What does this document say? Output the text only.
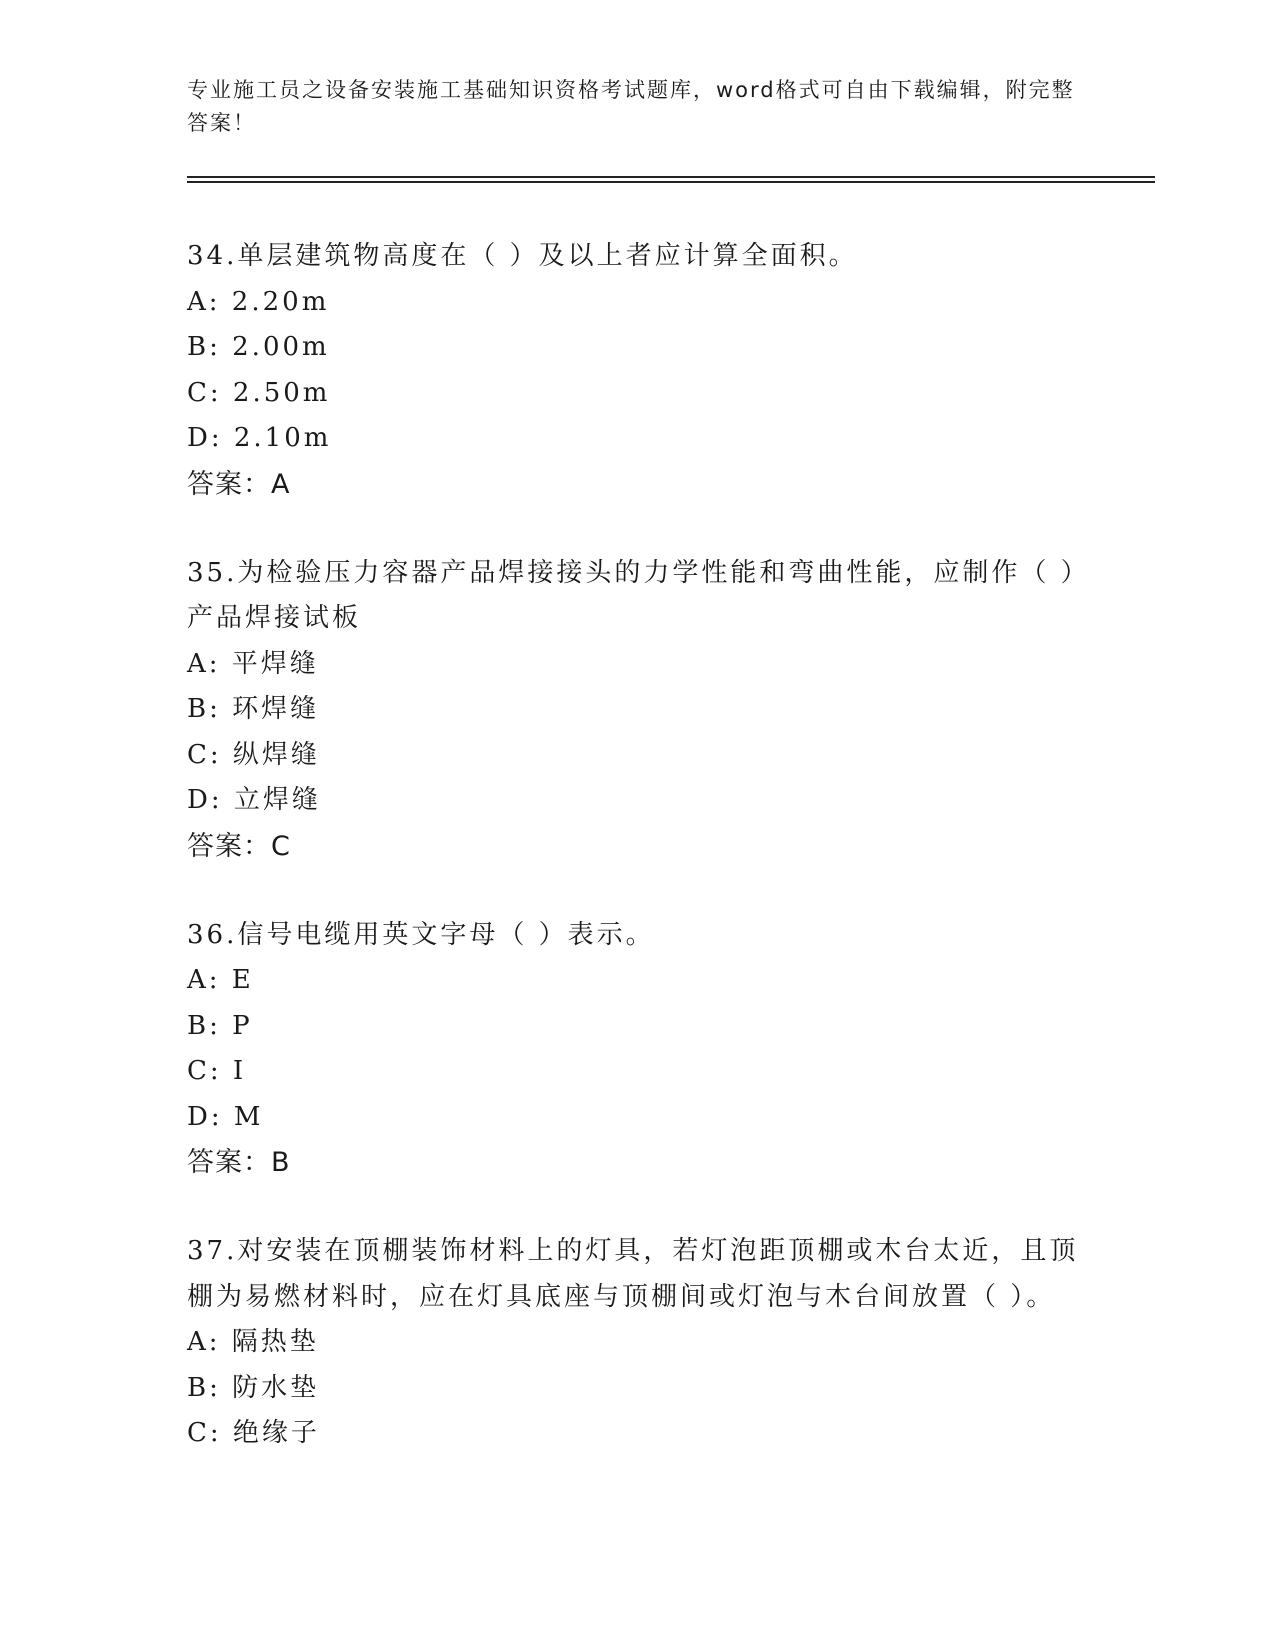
专业施工员之设备安装施工基础知识资格考试题库，word格式可自由下载编辑，附完整答案！
34.单层建筑物高度在（ ）及以上者应计算全面积。
A: 2.20m
B: 2.00m
C: 2.50m
D: 2.10m
答案：A
35.为检验压力容器产品焊接接头的力学性能和弯曲性能，应制作（ ）产品焊接试板
A: 平焊缝
B: 环焊缝
C: 纵焊缝
D: 立焊缝
答案：C
36.信号电缆用英文字母（ ）表示。
A: E
B: P
C: I
D: M
答案：B
37.对安装在顶棚装饰材料上的灯具，若灯泡距顶棚或木台太近，且顶棚为易燃材料时，应在灯具底座与顶棚间或灯泡与木台间放置（ ）。
A: 隔热垫
B: 防水垫
C: 绝缘子
